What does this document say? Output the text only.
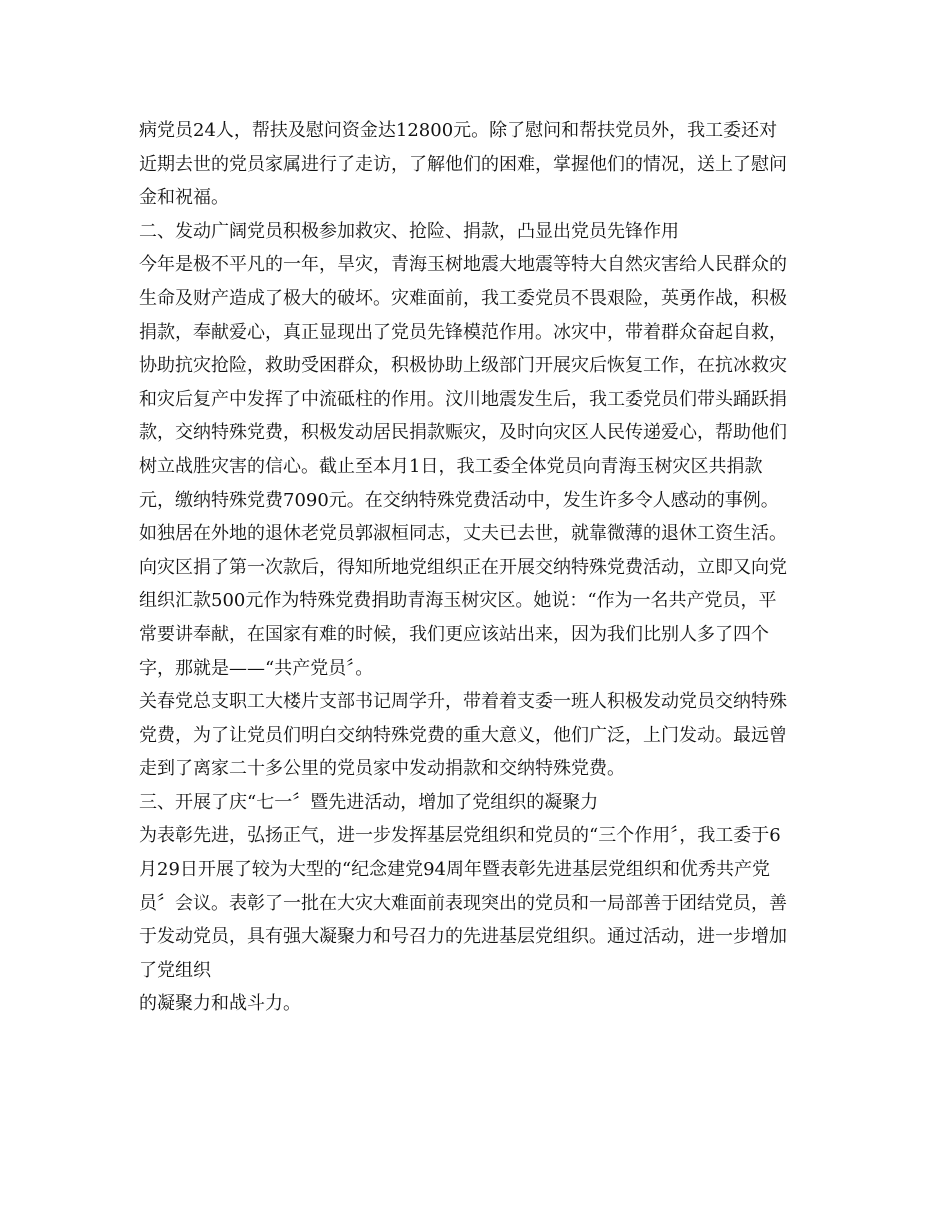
病党员24人，帮扶及慰问资金达12800元。除了慰问和帮扶党员外，我工委还对
近期去世的党员家属进行了走访，了解他们的困难，掌握他们的情况，送上了慰问
金和祝福。
二、发动广阔党员积极参加救灾、抢险、捐款，凸显出党员先锋作用
今年是极不平凡的一年，旱灾，青海玉树地震大地震等特大自然灾害给人民群众的
生命及财产造成了极大的破坏。灾难面前，我工委党员不畏艰险，英勇作战，积极
捐款，奉献爱心，真正显现出了党员先锋模范作用。冰灾中，带着群众奋起自救，
协助抗灾抢险，救助受困群众，积极协助上级部门开展灾后恢复工作，在抗冰救灾
和灾后复产中发挥了中流砥柱的作用。汶川地震发生后，我工委党员们带头踊跃捐
款，交纳特殊党费，积极发动居民捐款赈灾，及时向灾区人民传递爱心，帮助他们
树立战胜灾害的信心。截止至本月1日，我工委全体党员向青海玉树灾区共捐款
元，缴纳特殊党费7090元。在交纳特殊党费活动中，发生许多令人感动的事例。
如独居在外地的退休老党员郭淑桓同志，丈夫已去世，就靠微薄的退休工资生活。
向灾区捐了第一次款后，得知所地党组织正在开展交纳特殊党费活动，立即又向党
组织汇款500元作为特殊党费捐助青海玉树灾区。她说：“作为一名共产党员，平
常要讲奉献，在国家有难的时候，我们更应该站出来，因为我们比别人多了四个
字，那就是——“共产党员〞。
关春党总支职工大楼片支部书记周学升，带着着支委一班人积极发动党员交纳特殊
党费，为了让党员们明白交纳特殊党费的重大意义，他们广泛，上门发动。最远曾
走到了离家二十多公里的党员家中发动捐款和交纳特殊党费。
三、开展了庆“七一〞暨先进活动，增加了党组织的凝聚力
为表彰先进，弘扬正气，进一步发挥基层党组织和党员的“三个作用〞，我工委于6
月29日开展了较为大型的“纪念建党94周年暨表彰先进基层党组织和优秀共产党
员〞会议。表彰了一批在大灾大难面前表现突出的党员和一局部善于团结党员，善
于发动党员，具有强大凝聚力和号召力的先进基层党组织。通过活动，进一步增加
了党组织
的凝聚力和战斗力。
